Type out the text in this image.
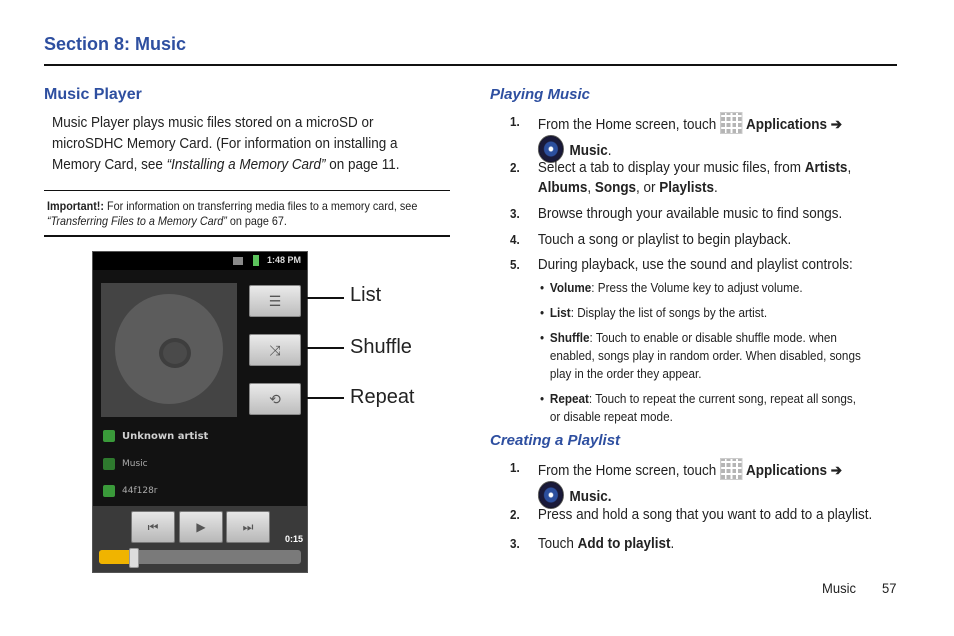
Section 8: Music
Music Player
Music Player plays music files stored on a microSD or microSDHC Memory Card. (For information on installing a Memory Card, see “Installing a Memory Card” on page 11.
Important!: For information on transferring media files to a memory card, see
“Transferring Files to a Memory Card” on page 67.
1:48 PM
☰
⤨
⟲
Unknown artist
Music
44f128r
⏮	▶	⏭
0:15
List
Shuffle
Repeat
Playing Music
1. From the Home screen, touch Applications ➔
Music.
2. Select a tab to display your music files, from Artists, Albums, Songs, or Playlists.
3. Browse through your available music to find songs.
4. Touch a song or playlist to begin playback.
5. During playback, use the sound and playlist controls:
• Volume: Press the Volume key to adjust volume.
• List: Display the list of songs by the artist.
• Shuffle: Touch to enable or disable shuffle mode. when enabled, songs play in random order. When disabled, songs play in the order they appear.
• Repeat: Touch to repeat the current song, repeat all songs, or disable repeat mode.
Creating a Playlist
1. From the Home screen, touch Applications ➔
Music.
2. Press and hold a song that you want to add to a playlist.
3. Touch Add to playlist.
Music 57
